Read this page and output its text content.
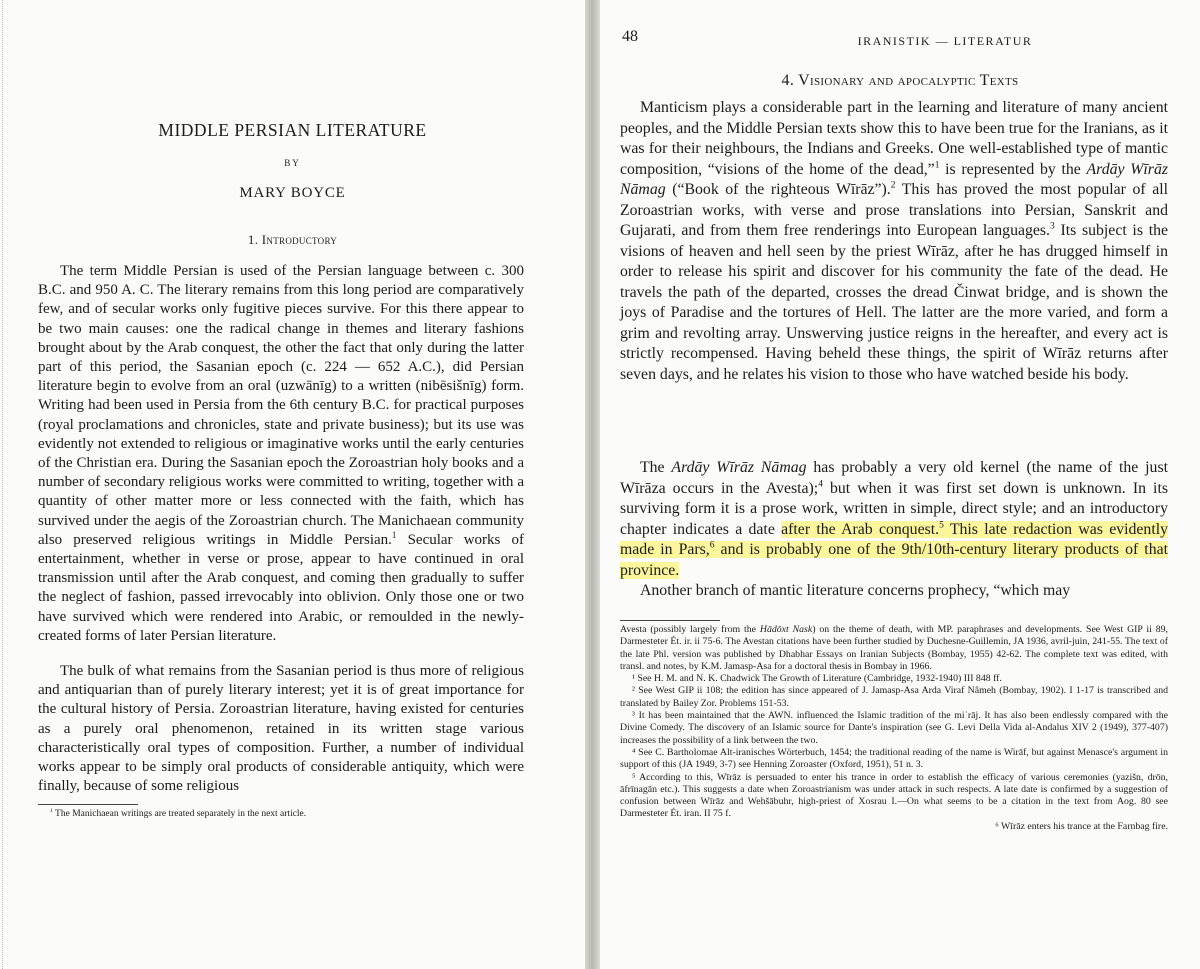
MIDDLE PERSIAN LITERATURE
BY
MARY BOYCE
1. Introductory

The term Middle Persian is used of the Persian language between c. 300 B.C. and 950 A. C. The literary remains from this long period are comparatively few, and of secular works only fugitive pieces survive. For this there appear to be two main causes: one the radical change in themes and literary fashions brought about by the Arab conquest, the other the fact that only during the latter part of this period, the Sasanian epoch (c. 224 — 652 A.C.), did Persian literature begin to evolve from an oral (uzwānīg) to a written (nibēsišnīg) form. Writing had been used in Persia from the 6th century B.C. for practical purposes (royal proclamations and chronicles, state and private business); but its use was evidently not extended to religious or imaginative works until the early centuries of the Christian era. During the Sasanian epoch the Zoroastrian holy books and a number of secondary religious works were committed to writing, together with a quantity of other matter more or less connected with the faith, which has survived under the aegis of the Zoroastrian church. The Manichaean community also preserved religious writings in Middle Persian.$^1$ Secular works of entertainment, whether in verse or prose, appear to have continued in oral transmission until after the Arab conquest, and coming then gradually to suffer the neglect of fashion, passed irrevocably into oblivion. Only those one or two have survived which were rendered into Arabic, or remoulded in the newly-created forms of later Persian literature.

The bulk of what remains from the Sasanian period is thus more of religious and antiquarian than of purely literary interest; yet it is of great importance for the cultural history of Persia. Zoroastrian literature, having existed for centuries as a purely oral phenomenon, retained in its written stage various characteristically oral types of composition. Further, a number of individual works appear to be simply oral products of considerable antiquity, which were finally, because of some religious

$^1$ The Manichaean writings are treated separately in the next article.

48	IRANISTIK — LITERATUR
4. Visionary and apocalyptic Texts

Manticism plays a considerable part in the learning and literature of many ancient peoples, and the Middle Persian texts show this to have been true for the Iranians, as it was for their neighbours, the Indians and Greeks. One well-established type of mantic composition, “visions of the home of the dead,”$^1$ is represented by the Ardāy Wīrāz Nāmag (“Book of the righteous Wīrāz”).$^2$ This has proved the most popular of all Zoroastrian works, with verse and prose translations into Persian, Sanskrit and Gujarati, and from them free renderings into European languages.$^3$ Its subject is the visions of heaven and hell seen by the priest Wīrāz, after he has drugged himself in order to release his spirit and discover for his community the fate of the dead. He travels the path of the departed, crosses the dread Činwat bridge, and is shown the joys of Paradise and the tortures of Hell. The latter are the more varied, and form a grim and revolting array. Unswerving justice reigns in the hereafter, and every act is strictly recompensed. Having beheld these things, the spirit of Wīrāz returns after seven days, and he relates his vision to those who have watched beside his body.

The Ardāy Wīrāz Nāmag has probably a very old kernel (the name of the just Wīrāza occurs in the Avesta);$^4$ but when it was first set down is unknown. In its surviving form it is a prose work, written in simple, direct style; and an introductory chapter indicates a date after the Arab conquest.$^5$ This late redaction was evidently made in Pars,$^6$ and is probably one of the 9th/10th-century literary products of that province.

Another branch of mantic literature concerns prophecy, “which may

Avesta (possibly largely from the Hādōxt Nask) on the theme of death, with MP. paraphrases and developments. See West GIP ii 89, Darmesteter Ét. ir. ii 75-6. The Avestan citations have been further studied by Duchesne-Guillemin, JA 1936, avril-juin, 241-55. The text of the late Phl. version was published by Dhabhar Essays on Iranian Subjects (Bombay, 1955) 42-62. The complete text was edited, with transl. and notes, by K.M. Jamasp-Asa for a doctoral thesis in Bombay in 1966.

¹ See H. M. and N. K. Chadwick The Growth of Literature (Cambridge, 1932-1940) III 848 ff.

² See West GIP ii 108; the edition has since appeared of J. Jamasp-Asa Arda Viraf Nâmeh (Bombay, 1902). I 1-17 is transcribed and translated by Bailey Zor. Problems 151-53.

³ It has been maintained that the AWN. influenced the Islamic tradition of the miʿrāj. It has also been endlessly compared with the Divine Comedy. The discovery of an Islamic source for Dante's inspiration (see G. Levi Della Vida al-Andalus XIV 2 (1949), 377-407) increases the possibility of a link between the two.

⁴ See C. Bartholomae Alt-iranisches Wörterbuch, 1454; the traditional reading of the name is Wirāf, but against Menasce's argument in support of this (JA 1949, 3-7) see Henning Zoroaster (Oxford, 1951), 51 n. 3.

⁵ According to this, Wīrāz is persuaded to enter his trance in order to establish the efficacy of various ceremonies (yazišn, drōn, āfrīnagān etc.). This suggests a date when Zoroastrianism was under attack in such respects. A late date is confirmed by a suggestion of confusion between Wīrāz and Wehšābuhr, high-priest of Xosrau I.—On what seems to be a citation in the text from Aog. 80 see Darmesteter Ét. iran. II 75 f.

⁶ Wīrāz enters his trance at the Farnbag fire.
